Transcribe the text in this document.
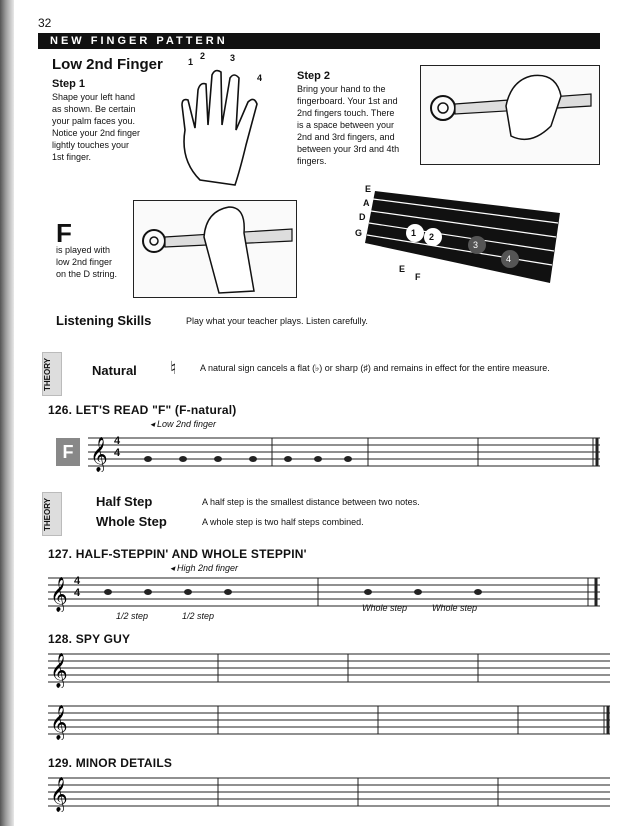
32
NEW FINGER PATTERN
Low 2nd Finger
Step 1
Shape your left hand
as shown. Be certain
your palm faces you.
Notice your 2nd finger
lightly touches your
1st finger.
1
2	3
4	Step 2
Bring your hand to the
fingerboard. Your 1st and
2nd fingers touch. There
is a space between your
2nd and 3rd fingers, and
between your 3rd and 4th
fingers.
F
is played with
low 2nd finger
on the D string.
E
A
D
G	1 2
3
4
E
F
Listening Skills	Play what your teacher plays. Listen carefully.
THEORY	Natural ♮	A natural sign cancels a flat (♭) or sharp (♯) and remains in effect for the entire measure.
126. LET'S READ "F" (F-natural)
◂ Low 2nd finger
F 𝄞 4
4
THEORY	Half Step	A half step is the smallest distance between two notes.
Whole Step	A whole step is two half steps combined.
127. HALF-STEPPIN' AND WHOLE STEPPIN'
◂ High 2nd finger
𝄞 4
4
1/2 step	1/2 step
Whole step	Whole step
128. SPY GUY
𝄞
𝄞
129. MINOR DETAILS
𝄞
